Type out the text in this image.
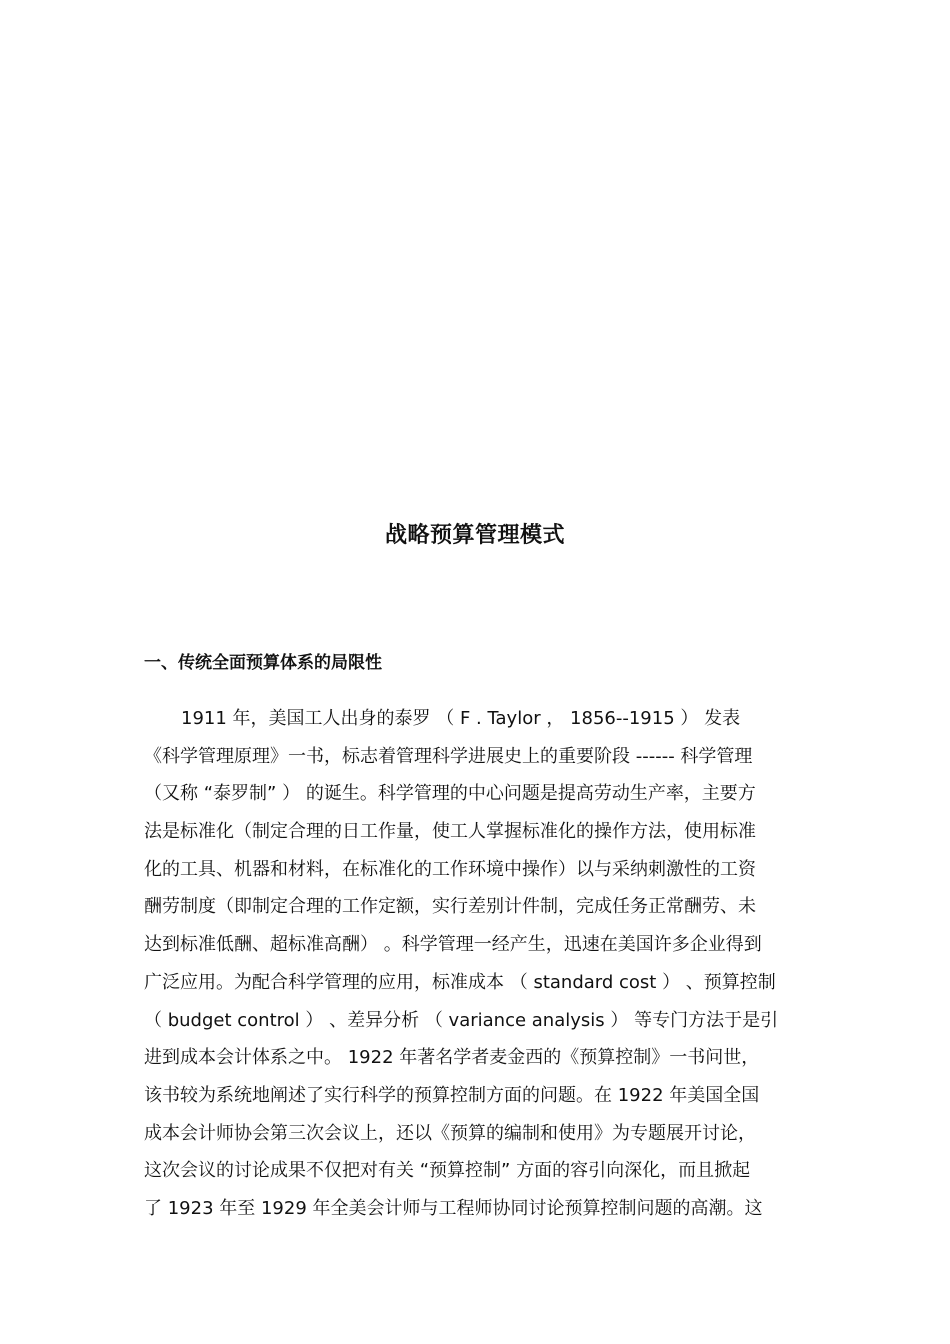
战略预算管理模式
一、传统全面预算体系的局限性
1911 年，美国工人出身的泰罗 （ F . Taylor ， 1856--1915 ） 发表
《科学管理原理》一书，标志着管理科学进展史上的重要阶段 ------ 科学管理
（又称 “泰罗制” ） 的诞生。科学管理的中心问题是提高劳动生产率，主要方
法是标准化（制定合理的日工作量，使工人掌握标准化的操作方法，使用标准
化的工具、机器和材料，在标准化的工作环境中操作）以与采纳刺激性的工资
酬劳制度（即制定合理的工作定额，实行差别计件制，完成任务正常酬劳、未
达到标准低酬、超标准高酬） 。科学管理一经产生，迅速在美国许多企业得到
广泛应用。为配合科学管理的应用，标准成本 （ standard cost ） 、预算控制
（ budget control ） 、差异分析 （ variance analysis ） 等专门方法于是引
进到成本会计体系之中。 1922 年著名学者麦金西的《预算控制》一书问世，
该书较为系统地阐述了实行科学的预算控制方面的问题。在 1922 年美国全国
成本会计师协会第三次会议上，还以《预算的编制和使用》为专题展开讨论，
这次会议的讨论成果不仅把对有关 “预算控制” 方面的容引向深化，而且掀起
了 1923 年至 1929 年全美会计师与工程师协同讨论预算控制问题的高潮。这
